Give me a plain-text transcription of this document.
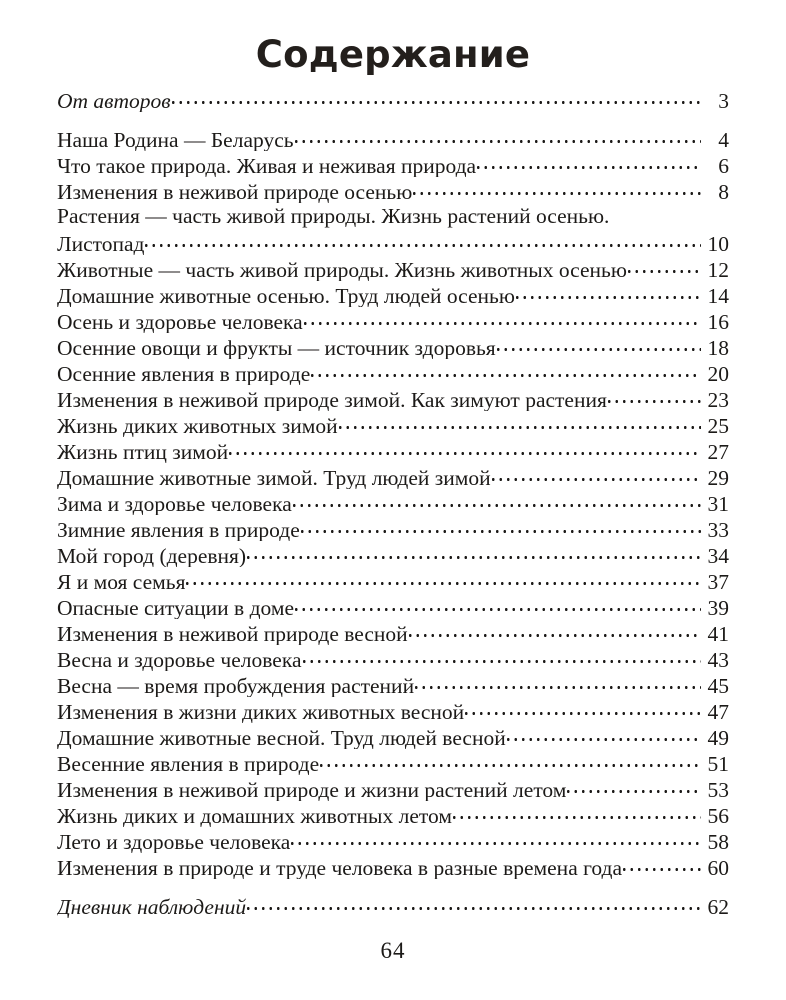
Содержание
От авторов	3
Наша Родина — Беларусь	4
Что такое природа. Живая и неживая природа	6
Изменения в неживой природе осенью	8
Растения — часть живой природы. Жизнь растений осенью.
Листопад	10
Животные — часть живой природы. Жизнь животных осенью	12
Домашние животные осенью. Труд людей осенью	14
Осень и здоровье человека	16
Осенние овощи и фрукты — источник здоровья	18
Осенние явления в природе	20
Изменения в неживой природе зимой. Как зимуют растения	23
Жизнь диких животных зимой	25
Жизнь птиц зимой	27
Домашние животные зимой. Труд людей зимой	29
Зима и здоровье человека	31
Зимние явления в природе	33
Мой город (деревня)	34
Я и моя семья	37
Опасные ситуации в доме	39
Изменения в неживой природе весной	41
Весна и здоровье человека	43
Весна — время пробуждения растений	45
Изменения в жизни диких животных весной	47
Домашние животные весной. Труд людей весной	49
Весенние явления в природе	51
Изменения в неживой природе и жизни растений летом	53
Жизнь диких и домашних животных летом	56
Лето и здоровье человека	58
Изменения в природе и труде человека в разные времена года	60
Дневник наблюдений	62
64
